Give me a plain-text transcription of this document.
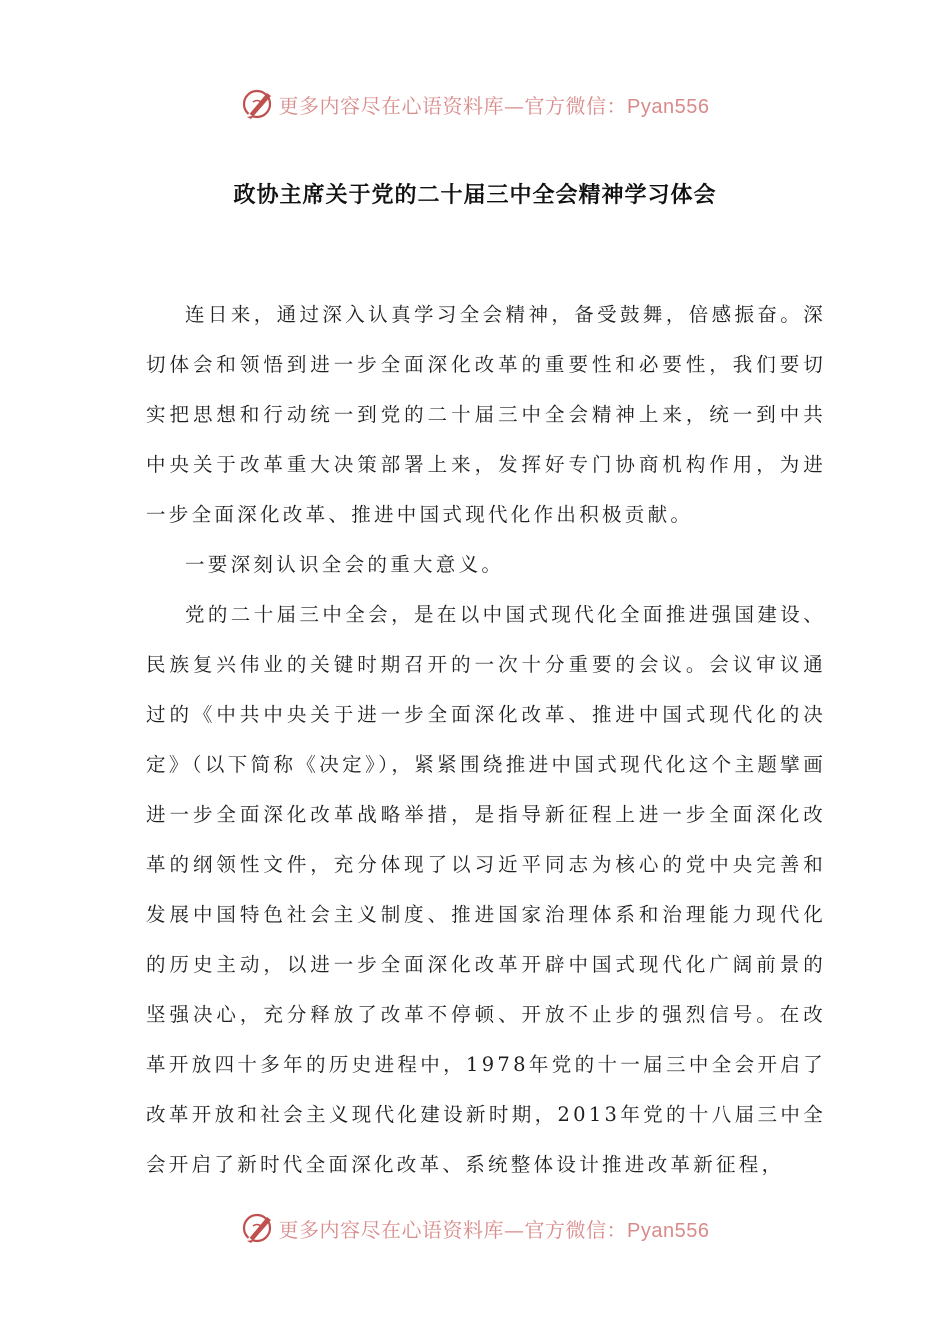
更多内容尽在心语资料库—官方微信：Pyan556
政协主席关于党的二十届三中全会精神学习体会

连日来，通过深入认真学习全会精神，备受鼓舞，倍感振奋。深切体会和领悟到进一步全面深化改革的重要性和必要性，我们要切实把思想和行动统一到党的二十届三中全会精神上来，统一到中共中央关于改革重大决策部署上来，发挥好专门协商机构作用，为进一步全面深化改革、推进中国式现代化作出积极贡献。

一要深刻认识全会的重大意义。

党的二十届三中全会，是在以中国式现代化全面推进强国建设、民族复兴伟业的关键时期召开的一次十分重要的会议。会议审议通过的《中共中央关于进一步全面深化改革、推进中国式现代化的决定》（以下简称《决定》），紧紧围绕推进中国式现代化这个主题擘画进一步全面深化改革战略举措，是指导新征程上进一步全面深化改革的纲领性文件，充分体现了以习近平同志为核心的党中央完善和发展中国特色社会主义制度、推进国家治理体系和治理能力现代化的历史主动，以进一步全面深化改革开辟中国式现代化广阔前景的坚强决心，充分释放了改革不停顿、开放不止步的强烈信号。在改革开放四十多年的历史进程中，1978年党的十一届三中全会开启了改革开放和社会主义现代化建设新时期，2013年党的十八届三中全会开启了新时代全面深化改革、系统整体设计推进改革新征程，

更多内容尽在心语资料库—官方微信：Pyan556
